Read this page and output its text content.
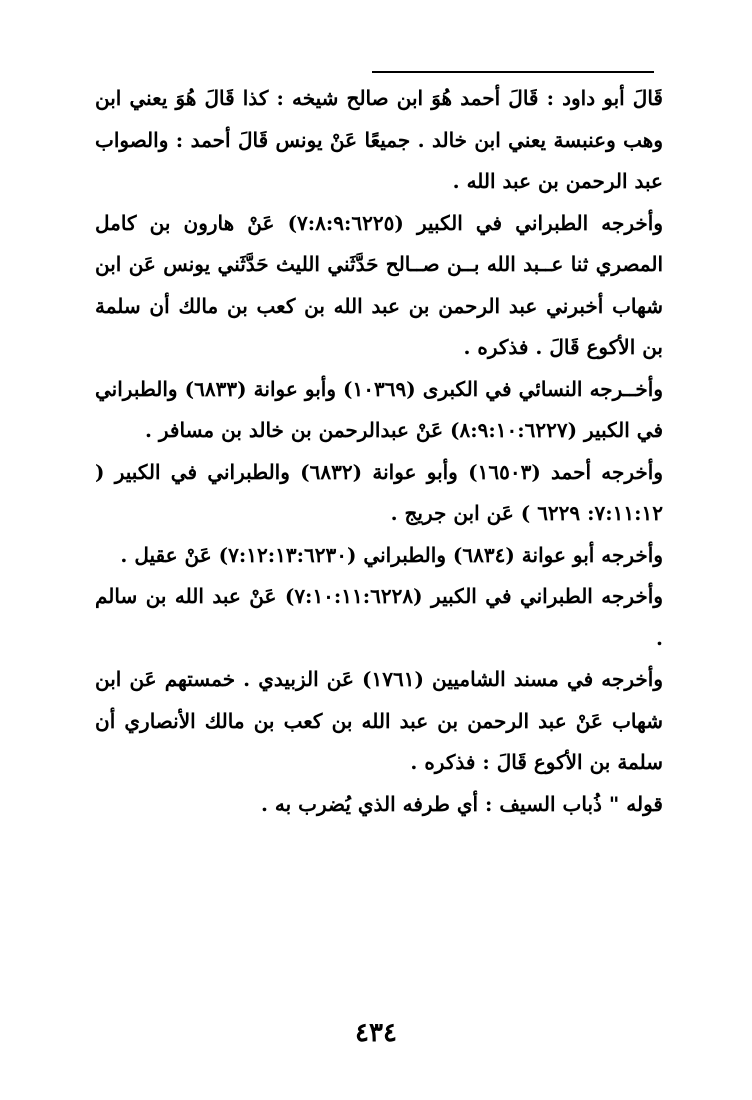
قَالَ أبو داود : قَالَ أحمد هُوَ ابن صالح شيخه : كذا قَالَ هُوَ يعني ابن وهب وعنبسة يعني ابن خالد . جميعًا عَنْ يونس قَالَ أحمد : والصواب عبد الرحمن بن عبد الله .

وأخرجه الطبراني في الكبير (٧:٨:٩:٦٢٢٥) عَنْ هارون بن كامل المصري ثنا عــبد الله بــن صــالح حَدَّثَني الليث حَدَّثَني يونس عَن ابن شهاب أخبرني عبد الرحمن بن عبد الله بن كعب بن مالك أن سلمة بن الأكوع قَالَ . فذكره .

وأخــرجه النسائي في الكبرى (١٠٣٦٩) وأبو عوانة (٦٨٣٣) والطبراني في الكبير (٨:٩:١٠:٦٢٢٧) عَنْ عبدالرحمن بن خالد بن مسافر .

وأخرجه أحمد (١٦٥٠٣) وأبو عوانة (٦٨٣٢) والطبراني في الكبير ( ٧:١١:١٢: ٦٢٢٩ ) عَن ابن جريج .

وأخرجه أبو عوانة (٦٨٣٤) والطبراني (٧:١٢:١٣:٦٢٣٠) عَنْ عقيل .

وأخرجه الطبراني في الكبير (٧:١٠:١١:٦٢٢٨) عَنْ عبد الله بن سالم .

وأخرجه في مسند الشاميين (١٧٦١) عَن الزبيدي . خمستهم عَن ابن شهاب عَنْ عبد الرحمن بن عبد الله بن كعب بن مالك الأنصاري أن سلمة بن الأكوع قَالَ : فذكره .

قوله " ذُباب السيف : أي طرفه الذي يُضرب به .

٤٣٤
